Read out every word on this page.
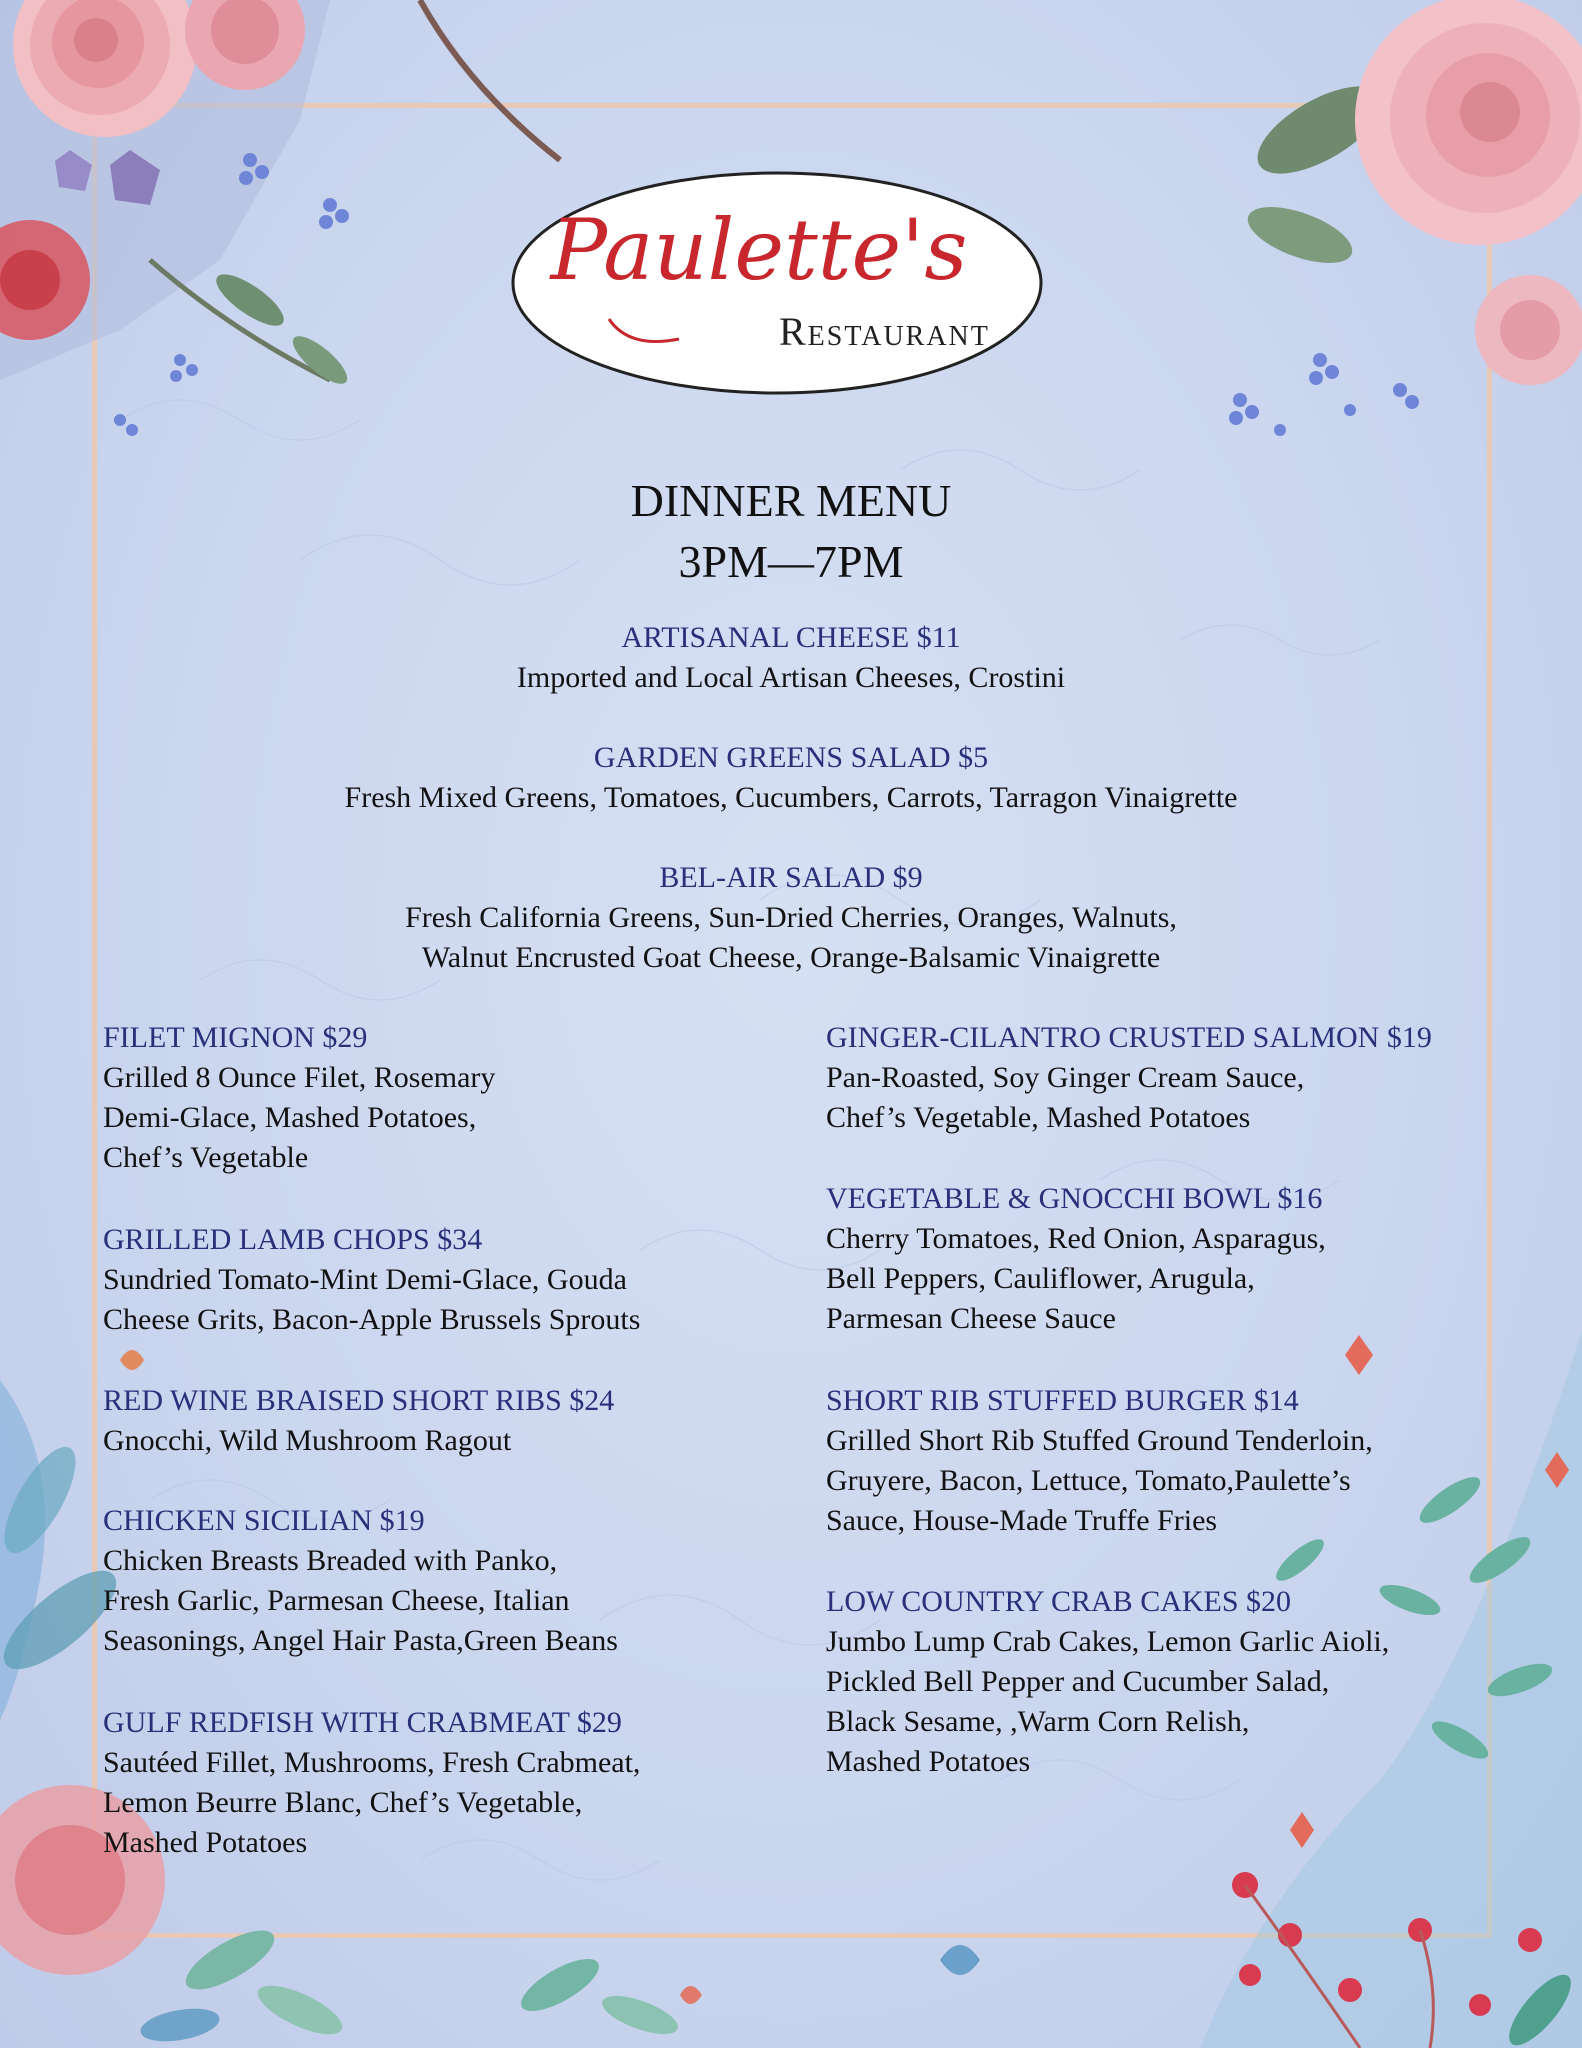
Paulette's
Restaurant
DINNER MENU
3PM—7PM
ARTISANAL CHEESE $11
Imported and Local Artisan Cheeses, Crostini
GARDEN GREENS SALAD $5
Fresh Mixed Greens, Tomatoes, Cucumbers, Carrots, Tarragon Vinaigrette
BEL-AIR SALAD $9
Fresh California Greens, Sun-Dried Cherries, Oranges, Walnuts,
Walnut Encrusted Goat Cheese, Orange-Balsamic Vinaigrette
FILET MIGNON $29
Grilled 8 Ounce Filet, Rosemary
Demi-Glace, Mashed Potatoes,
Chef’s Vegetable
GRILLED LAMB CHOPS $34
Sundried Tomato-Mint Demi-Glace, Gouda
Cheese Grits, Bacon-Apple Brussels Sprouts
RED WINE BRAISED SHORT RIBS $24
Gnocchi, Wild Mushroom Ragout
CHICKEN SICILIAN $19
Chicken Breasts Breaded with Panko,
Fresh Garlic, Parmesan Cheese, Italian
Seasonings, Angel Hair Pasta,Green Beans
GULF REDFISH WITH CRABMEAT $29
Sautéed Fillet, Mushrooms, Fresh Crabmeat,
Lemon Beurre Blanc, Chef’s Vegetable,
Mashed Potatoes
GINGER-CILANTRO CRUSTED SALMON $19
Pan-Roasted, Soy Ginger Cream Sauce,
Chef’s Vegetable, Mashed Potatoes
VEGETABLE & GNOCCHI BOWL $16
Cherry Tomatoes, Red Onion, Asparagus,
Bell Peppers, Cauliflower, Arugula,
Parmesan Cheese Sauce
SHORT RIB STUFFED BURGER $14
Grilled Short Rib Stuffed Ground Tenderloin,
Gruyere, Bacon, Lettuce, Tomato,Paulette’s
Sauce, House-Made Truffe Fries
LOW COUNTRY CRAB CAKES $20
Jumbo Lump Crab Cakes, Lemon Garlic Aioli,
Pickled Bell Pepper and Cucumber Salad,
Black Sesame, ,Warm Corn Relish,
Mashed Potatoes
